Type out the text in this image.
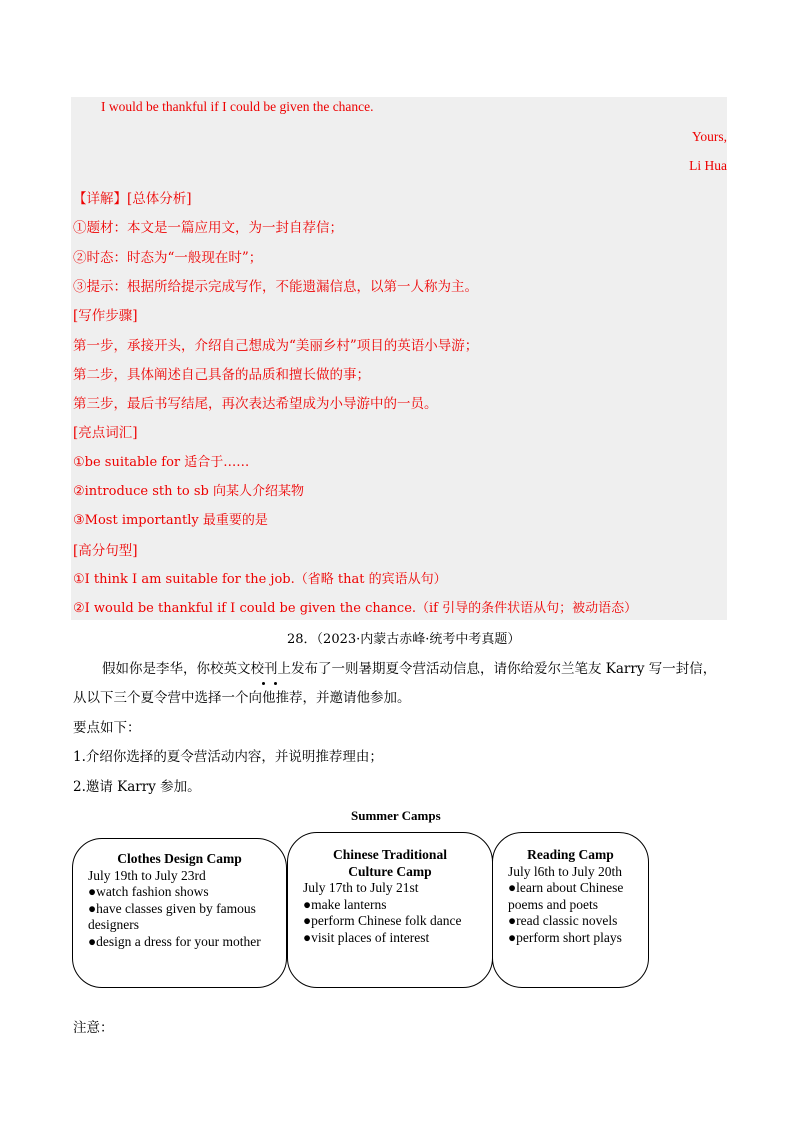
I would be thankful if I could be given the chance.
Yours,
Li Hua
【详解】[总体分析]
①题材：本文是一篇应用文，为一封自荐信；
②时态：时态为“一般现在时”；
③提示：根据所给提示完成写作，不能遗漏信息，以第一人称为主。
[写作步骤]
第一步，承接开头，介绍自己想成为“美丽乡村”项目的英语小导游；
第二步，具体阐述自己具备的品质和擅长做的事；
第三步，最后书写结尾，再次表达希望成为小导游中的一员。
[亮点词汇]
①be suitable for 适合于……
②introduce sth to sb 向某人介绍某物
③Most importantly 最重要的是
[高分句型]
①I think I am suitable for the job.（省略 that 的宾语从句）
②I would be thankful if I could be given the chance.（if 引导的条件状语从句；被动语态）
28．（2023·内蒙古赤峰·统考中考真题）
假如你是李华，你校英文校刊上发布了一则暑期夏令营活动信息，请你给爱尔兰笔友 Karry 写一封信，
从以下三个夏令营中选择一个向他推荐，并邀请他参加。
要点如下：
1.介绍你选择的夏令营活动内容，并说明推荐理由；
2.邀请 Karry 参加。
Summer Camps
Clothes Design Camp
July 19th to July 23rd
●watch fashion shows
●have classes given by famous
designers
●design a dress for your mother
Chinese Traditional
Culture Camp
July 17th to July 21st
●make lanterns
●perform Chinese folk dance
●visit places of interest
Reading Camp
July l6th to July 20th
●learn about Chinese
poems and poets
●read classic novels
●perform short plays
注意：
